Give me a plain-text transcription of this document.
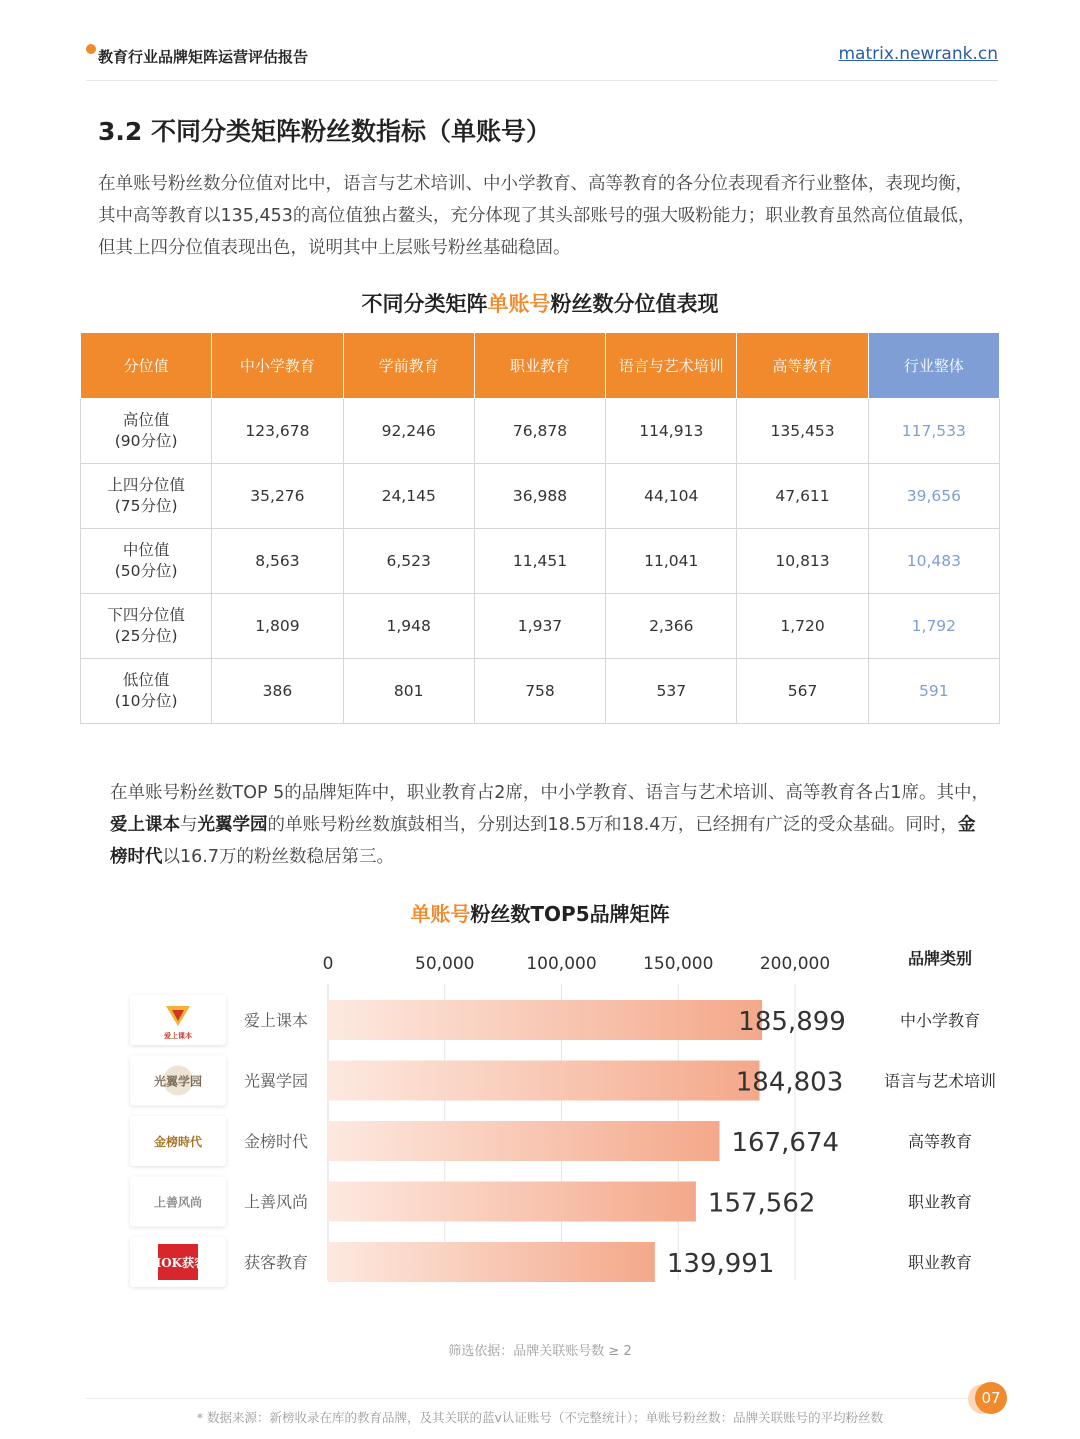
教育行业品牌矩阵运营评估报告	matrix.newrank.cn
3.2 不同分类矩阵粉丝数指标（单账号）
在单账号粉丝数分位值对比中，语言与艺术培训、中小学教育、高等教育的各分位表现看齐行业整体，表现均衡，其中高等教育以135,453的高位值独占鳌头，充分体现了其头部账号的强大吸粉能力；职业教育虽然高位值最低，但其上四分位值表现出色，说明其中上层账号粉丝基础稳固。
不同分类矩阵单账号粉丝数分位值表现
分位值	中小学教育	学前教育	职业教育	语言与艺术培训	高等教育	行业整体

高位值
(90分位)	123,678	92,246	76,878	114,913	135,453	117,533

上四分位值
(75分位)	35,276	24,145	36,988	44,104	47,611	39,656

中位值
(50分位)	8,563	6,523	11,451	11,041	10,813	10,483

下四分位值
(25分位)	1,809	1,948	1,937	2,366	1,720	1,792

低位值
(10分位)	386	801	758	537	567	591
在单账号粉丝数TOP 5的品牌矩阵中，职业教育占2席，中小学教育、语言与艺术培训、高等教育各占1席。其中，爱上课本与光翼学园的单账号粉丝数旗鼓相当，分别达到18.5万和18.4万，已经拥有广泛的受众基础。同时，金榜时代以16.7万的粉丝数稳居第三。
单账号粉丝数TOP5品牌矩阵
0	50,000	100,000	150,000	200,000	品牌类别
爱上课本
爱上课本	185,899	中小学教育
光翼学园	光翼学园	184,803	语言与艺术培训
金榜時代	金榜时代	167,674	高等教育
上善风尚	上善风尚	157,562	职业教育
HOK获客 获客教育	139,991	职业教育
筛选依据：品牌关联账号数 ≥ 2
07
* 数据来源：新榜收录在库的教育品牌，及其关联的蓝v认证账号（不完整统计）；单账号粉丝数：品牌关联账号的平均粉丝数
